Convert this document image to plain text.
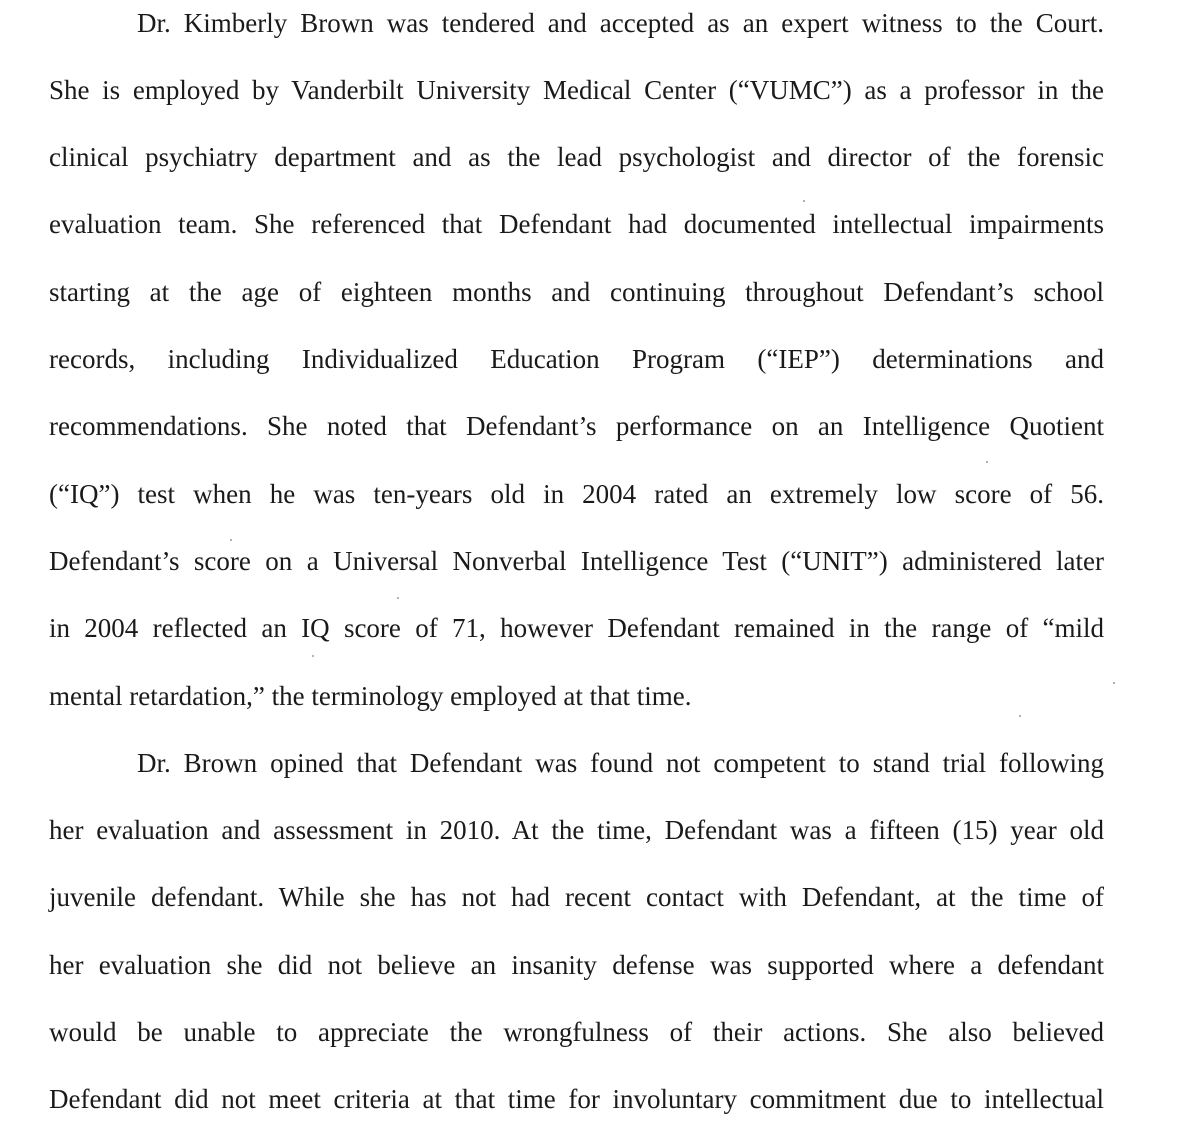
Dr. Kimberly Brown was tendered and accepted as an expert witness to the Court.
She is employed by Vanderbilt University Medical Center (“VUMC”) as a professor in the
clinical psychiatry department and as the lead psychologist and director of the forensic
evaluation team. She referenced that Defendant had documented intellectual impairments
starting at the age of eighteen months and continuing throughout Defendant’s school
records, including Individualized Education Program (“IEP”) determinations and
recommendations. She noted that Defendant’s performance on an Intelligence Quotient
(“IQ”) test when he was ten-years old in 2004 rated an extremely low score of 56.
Defendant’s score on a Universal Nonverbal Intelligence Test (“UNIT”) administered later
in 2004 reflected an IQ score of 71, however Defendant remained in the range of “mild
mental retardation,” the terminology employed at that time.
Dr. Brown opined that Defendant was found not competent to stand trial following
her evaluation and assessment in 2010. At the time, Defendant was a fifteen (15) year old
juvenile defendant. While she has not had recent contact with Defendant, at the time of
her evaluation she did not believe an insanity defense was supported where a defendant
would be unable to appreciate the wrongfulness of their actions. She also believed
Defendant did not meet criteria at that time for involuntary commitment due to intellectual
